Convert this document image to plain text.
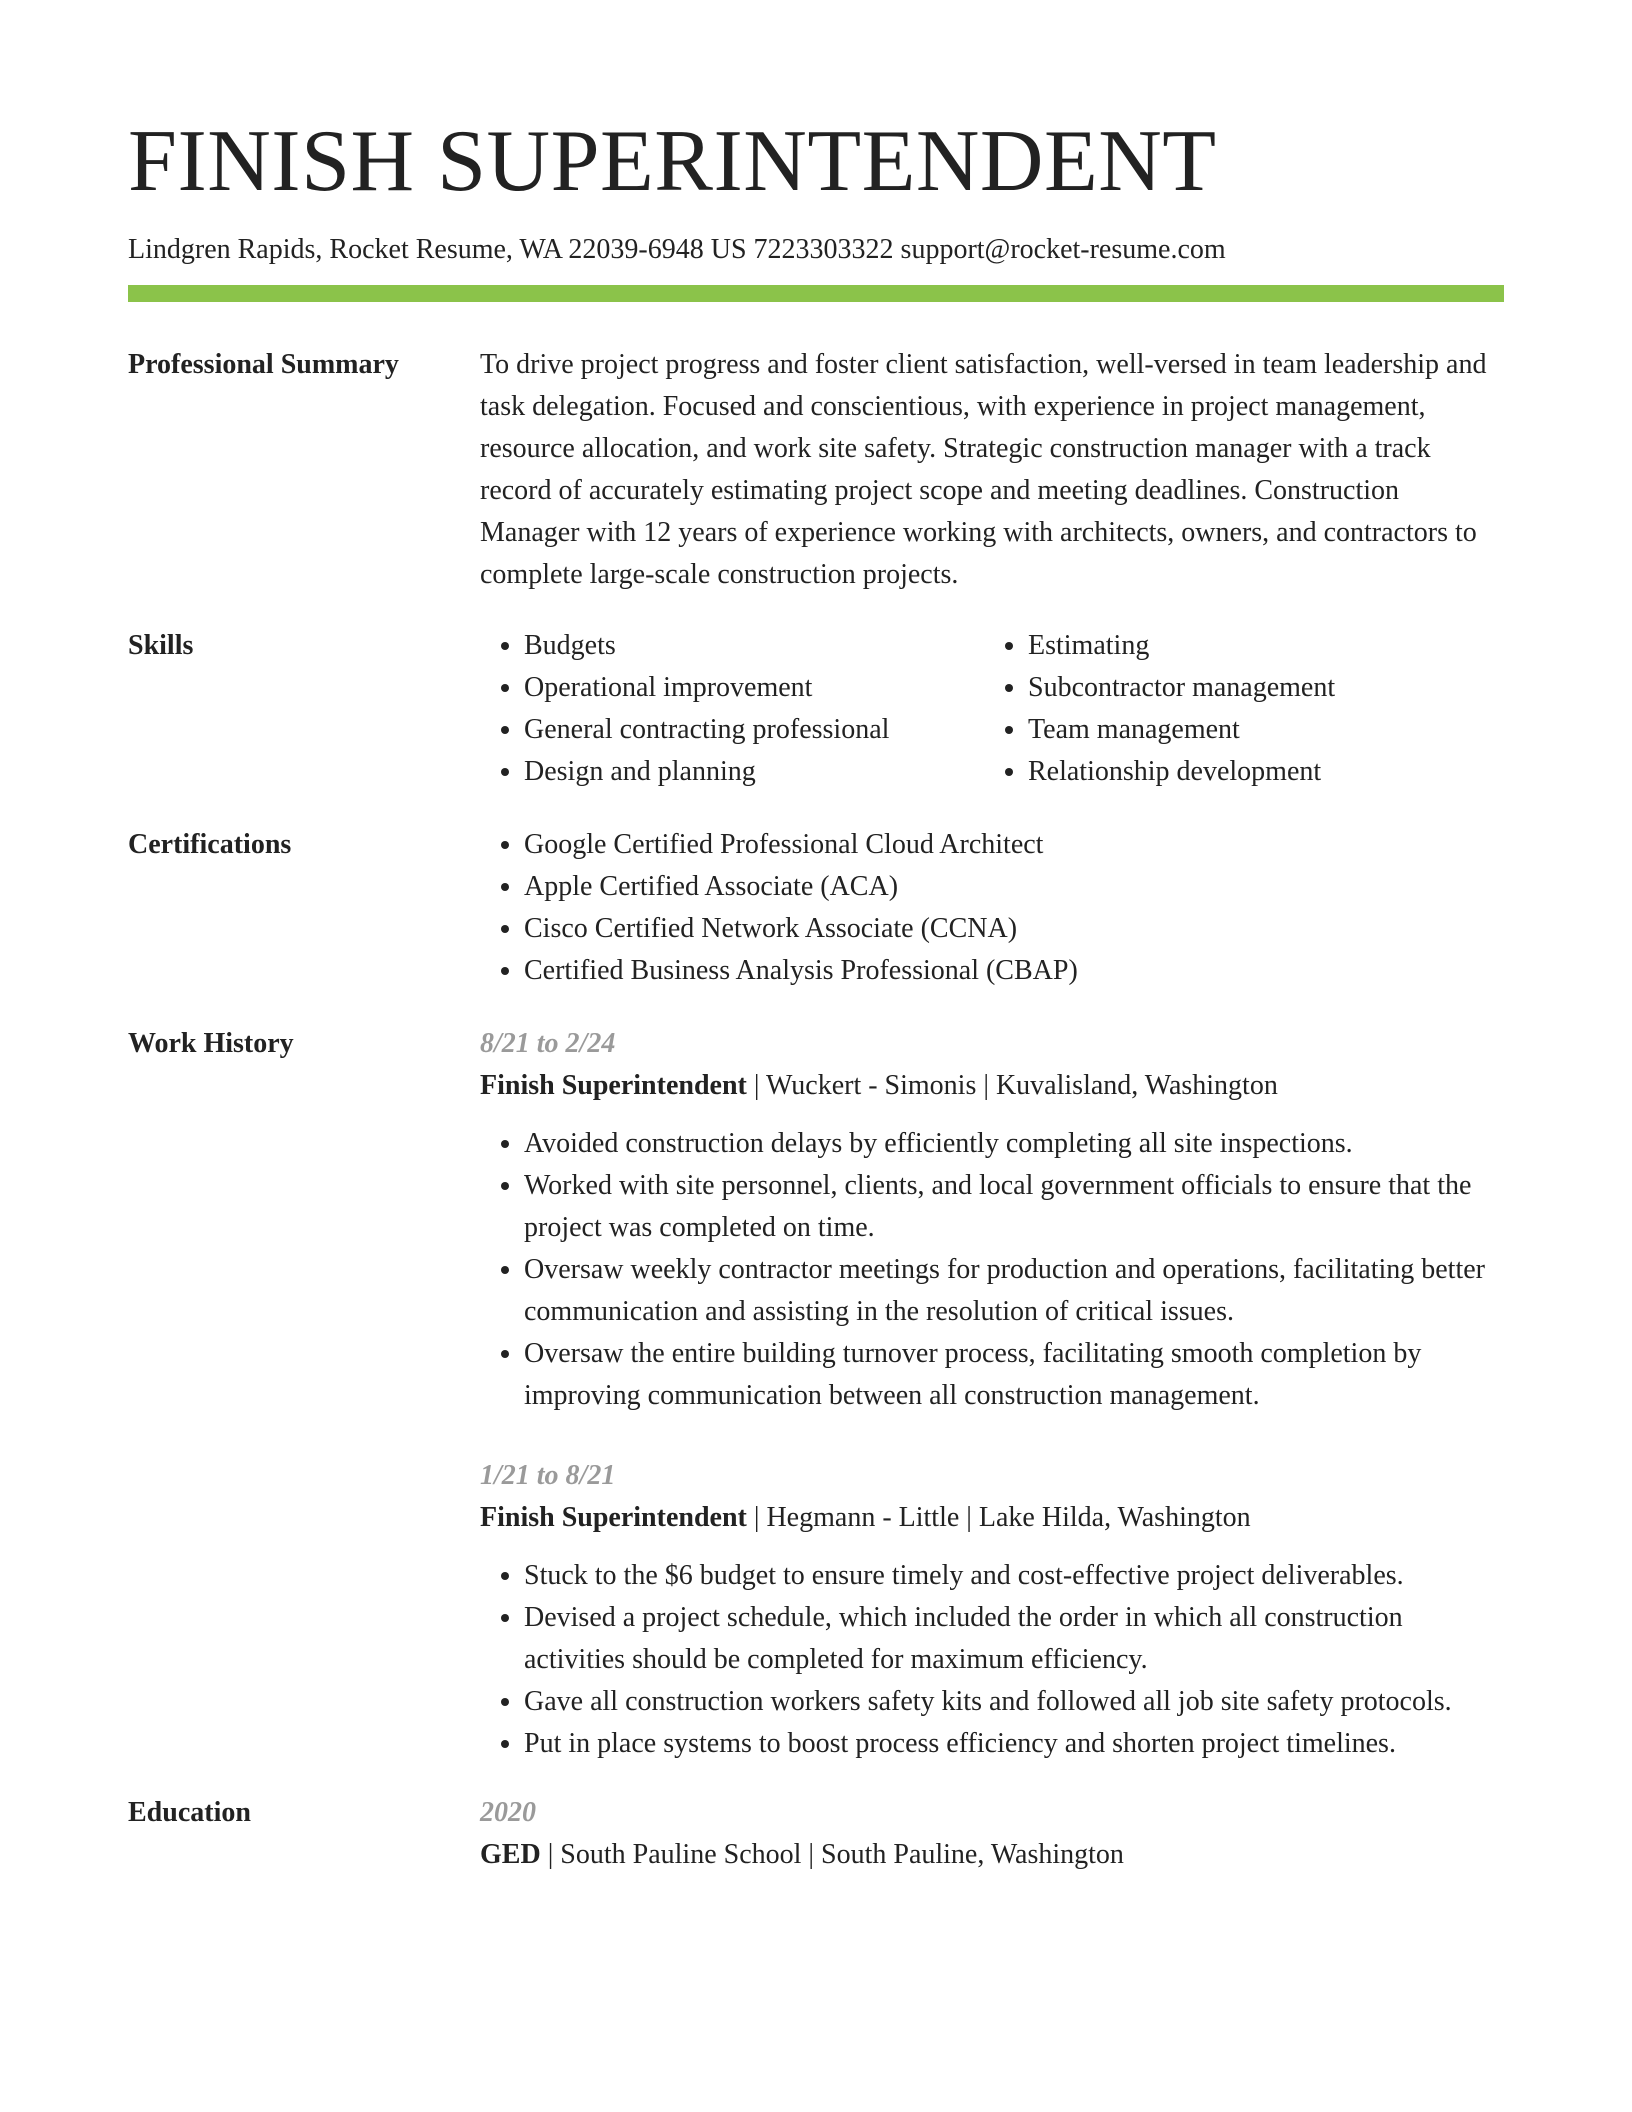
FINISH SUPERINTENDENT
Lindgren Rapids, Rocket Resume, WA 22039-6948 US 7223303322 support@rocket-resume.com
Professional Summary	To drive project progress and foster client satisfaction, well-versed in team leadership and task delegation. Focused and conscientious, with experience in project management, resource allocation, and work site safety. Strategic construction manager with a track record of accurately estimating project scope and meeting deadlines. Construction Manager with 12 years of experience working with architects, owners, and contractors to complete large-scale construction projects.

Skills	• Budgets
• Operational improvement
• General contracting professional
• Design and planning
• Estimating
• Subcontractor management
• Team management
• Relationship development
Certifications	• Google Certified Professional Cloud Architect
• Apple Certified Associate (ACA)
• Cisco Certified Network Associate (CCNA)
• Certified Business Analysis Professional (CBAP)
Work History	8/21 to 2/24
Finish Superintendent | Wuckert - Simonis | Kuvalisland, Washington
• Avoided construction delays by efficiently completing all site inspections.
• Worked with site personnel, clients, and local government officials to ensure that the project was completed on time.
• Oversaw weekly contractor meetings for production and operations, facilitating better communication and assisting in the resolution of critical issues.
• Oversaw the entire building turnover process, facilitating smooth completion by improving communication between all construction management.
1/21 to 8/21
Finish Superintendent | Hegmann - Little | Lake Hilda, Washington
• Stuck to the $6 budget to ensure timely and cost-effective project deliverables.
• Devised a project schedule, which included the order in which all construction activities should be completed for maximum efficiency.
• Gave all construction workers safety kits and followed all job site safety protocols.
• Put in place systems to boost process efficiency and shorten project timelines.
Education	2020
GED | South Pauline School | South Pauline, Washington
